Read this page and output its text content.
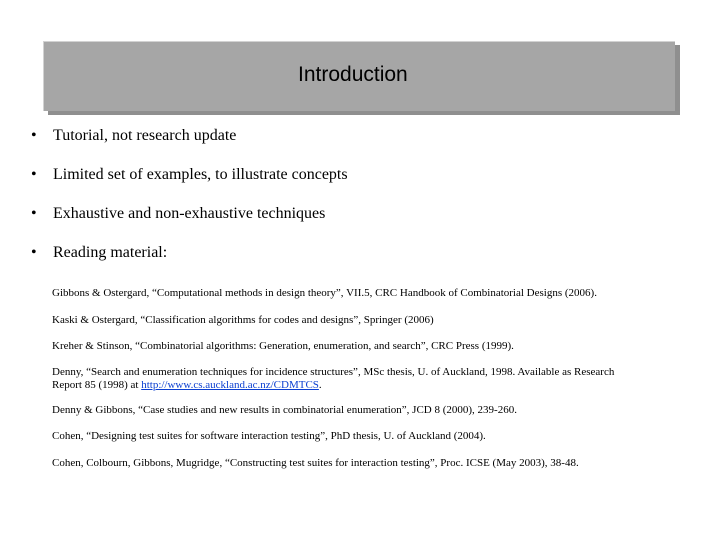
Introduction
• Tutorial, not research update
• Limited set of examples, to illustrate concepts
• Exhaustive and non-exhaustive techniques
• Reading material:
Gibbons & Ostergard, “Computational methods in design theory”, VII.5, CRC Handbook of Combinatorial Designs (2006).
Kaski & Ostergard, “Classification algorithms for codes and designs”, Springer (2006)
Kreher & Stinson, “Combinatorial algorithms: Generation, enumeration, and search”, CRC Press (1999).
Denny, “Search and enumeration techniques for incidence structures”, MSc thesis, U. of Auckland, 1998. Available as Research
Report 85 (1998) at http://www.cs.auckland.ac.nz/CDMTCS.
Denny & Gibbons, “Case studies and new results in combinatorial enumeration”, JCD 8 (2000), 239-260.
Cohen, “Designing test suites for software interaction testing”, PhD thesis, U. of Auckland (2004).
Cohen, Colbourn, Gibbons, Mugridge, “Constructing test suites for interaction testing”, Proc. ICSE (May 2003), 38-48.
